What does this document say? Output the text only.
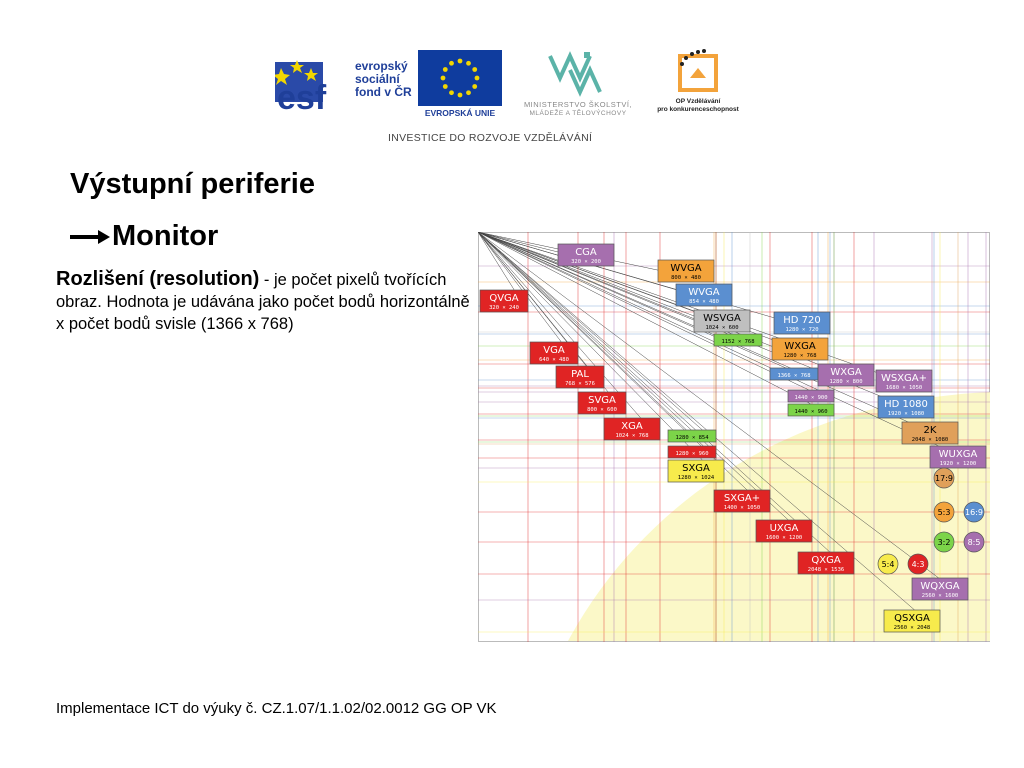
esf
evropský
sociální
fond v ČR
EVROPSKÁ UNIE
MINISTERSTVO ŠKOLSTVÍ,
MLÁDEŽE A TĚLOVÝCHOVY
OP Vzdělávání
pro konkurenceschopnost
INVESTICE DO ROZVOJE VZDĚLÁVÁNÍ
Výstupní periferie
Monitor
Rozlišení (resolution) - je počet pixelů tvořících obraz. Hodnota je udávána jako počet bodů horizontálně x počet bodů svisle (1366 x 768)
CGA
320 × 200
WVGA
800 × 480
QVGA
320 × 240
WVGA
854 × 480
WSVGA
1024 × 600
1152 × 768
HD 720
1280 × 720
VGA
640 × 480
WXGA
1280 × 768
PAL
768 × 576
1366 × 768 WXGA
1280 × 800 WSXGA+
1680 × 1050
SVGA
800 × 600
1440 × 900
HD 1080
1920 × 1080
1440 × 960
XGA
1024 × 768	1280 × 854
2K
2048 × 1080
1280 × 960	WUXGA
1920 × 1200
SXGA
1280 × 1024
SXGA+
1400 × 1050
UXGA
1600 × 1200
QXGA
2048 × 1536
WQXGA
2560 × 1600
QSXGA
2560 × 2048
17:9
5:3 16:9
3:2 8:5
5:4 4:3
Implementace ICT do výuky č. CZ.1.07/1.1.02/02.0012 GG OP VK
